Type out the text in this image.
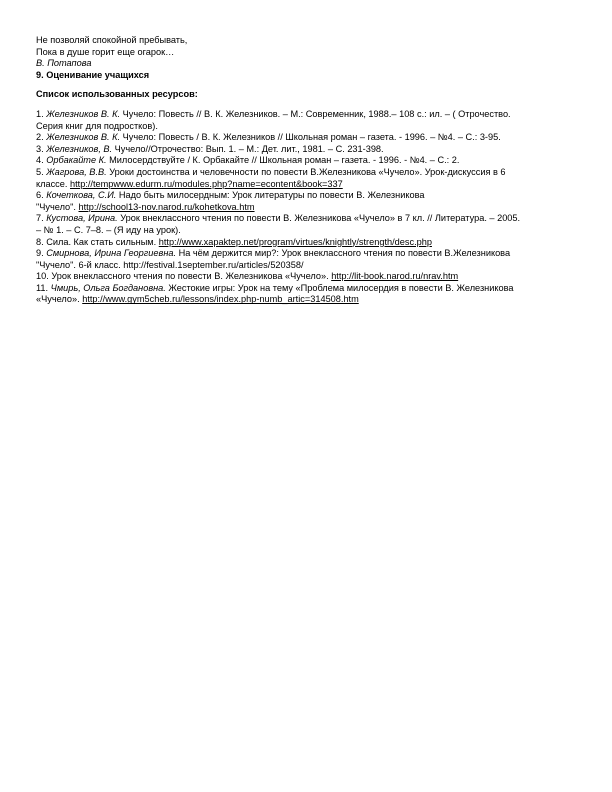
Не позволяй спокойной пребывать,
Пока в душе горит еще огарок…
В. Потапова
9. Оценивание учащихся
Список использованных ресурсов:
1. Железников В. К. Чучело: Повесть // В. К. Железников. – М.: Современник, 1988.– 108 с.: ил. – ( Отрочество.
Серия книг для подростков).
2. Железников В. К. Чучело: Повесть / В. К. Железников // Школьная роман – газета. - 1996. – №4. – С.: 3-95.
3. Железников, В. Чучело//Отрочество: Вып. 1. – М.: Дет. лит., 1981. – С. 231-398.
4. Орбакайте К. Милосердствуйте / К. Орбакайте // Школьная роман – газета. - 1996. - №4. – С.: 2.
5. Жагрова, В.В. Уроки достоинства и человечности по повести В.Железникова «Чучело». Урок-дискуссия в 6
классе. http://tempwww.edurm.ru/modules.php?name=econtent&book=337
6. Кочеткова, С.И. Надо быть милосердным: Урок литературы по повести В. Железникова
"Чучело". http://school13-nov.narod.ru/kohetkova.htm
7. Кустова, Ирина. Урок внеклассного чтения по повести В. Железникова «Чучело» в 7 кл. // Литература. – 2005.
– № 1. – С. 7–8. – (Я иду на урок).
8. Сила. Как стать сильным. http://www.xapaktep.net/program/virtues/knightly/strength/desc.php
9. Смирнова, Ирина Георгиевна. На чём держится мир?: Урок внеклассного чтения по повести В.Железникова
"Чучело". 6-й класс. http://festival.1september.ru/articles/520358/
10. Урок внеклассного чтения по повести В. Железникова «Чучело». http://lit-book.narod.ru/nrav.htm
11. Чмирь, Ольга Богдановна. Жестокие игры: Урок на тему «Проблема милосердия в повести В. Железникова
«Чучело». http://www.gym5cheb.ru/lessons/index.php-numb_artic=314508.htm
